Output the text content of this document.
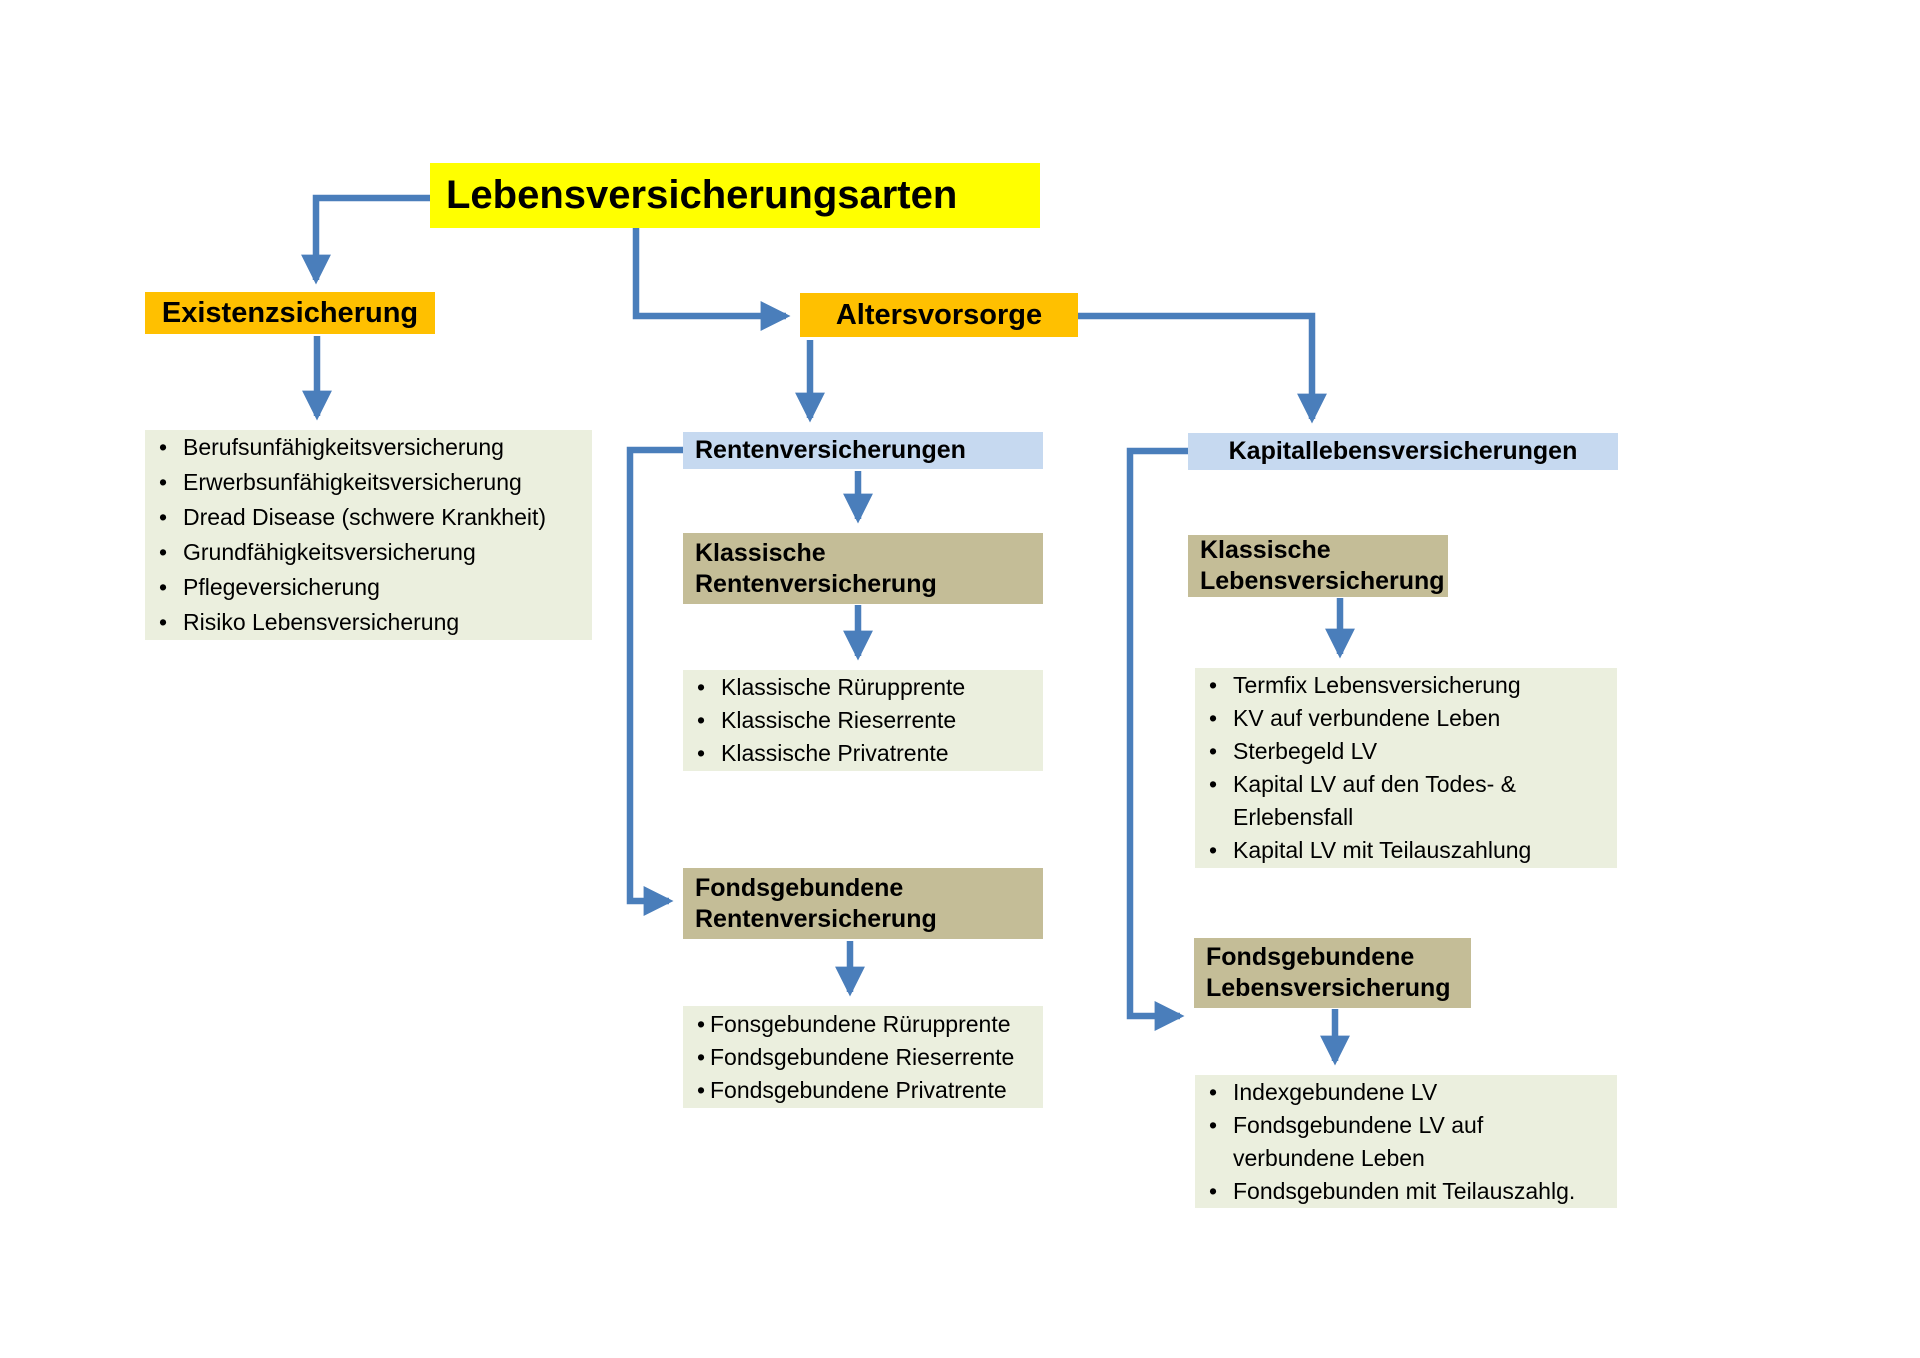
Lebensversicherungsarten
Existenzsicherung	Altersvorsorge
• Berufsunfähigkeitsversicherung
• Erwerbsunfähigkeitsversicherung
• Dread Disease (schwere Krankheit)
• Grundfähigkeitsversicherung
• Pflegeversicherung
• Risiko Lebensversicherung
Rentenversicherungen	Kapitallebensversicherungen
Klassische
Rentenversicherung
• Klassische Rürupprente
• Klassische Rieserrente
• Klassische Privatrente
Fondsgebundene
Rentenversicherung
• Fonsgebundene Rürupprente
• Fondsgebundene Rieserrente
• Fondsgebundene Privatrente
Klassische
Lebensversicherung
• Termfix Lebensversicherung
• KV auf verbundene Leben
• Sterbegeld LV
• Kapital LV auf den Todes- &
Erlebensfall
• Kapital LV mit Teilauszahlung
Fondsgebundene
Lebensversicherung
• Indexgebundene LV
• Fondsgebundene LV auf
verbundene Leben
• Fondsgebunden mit Teilauszahlg.
